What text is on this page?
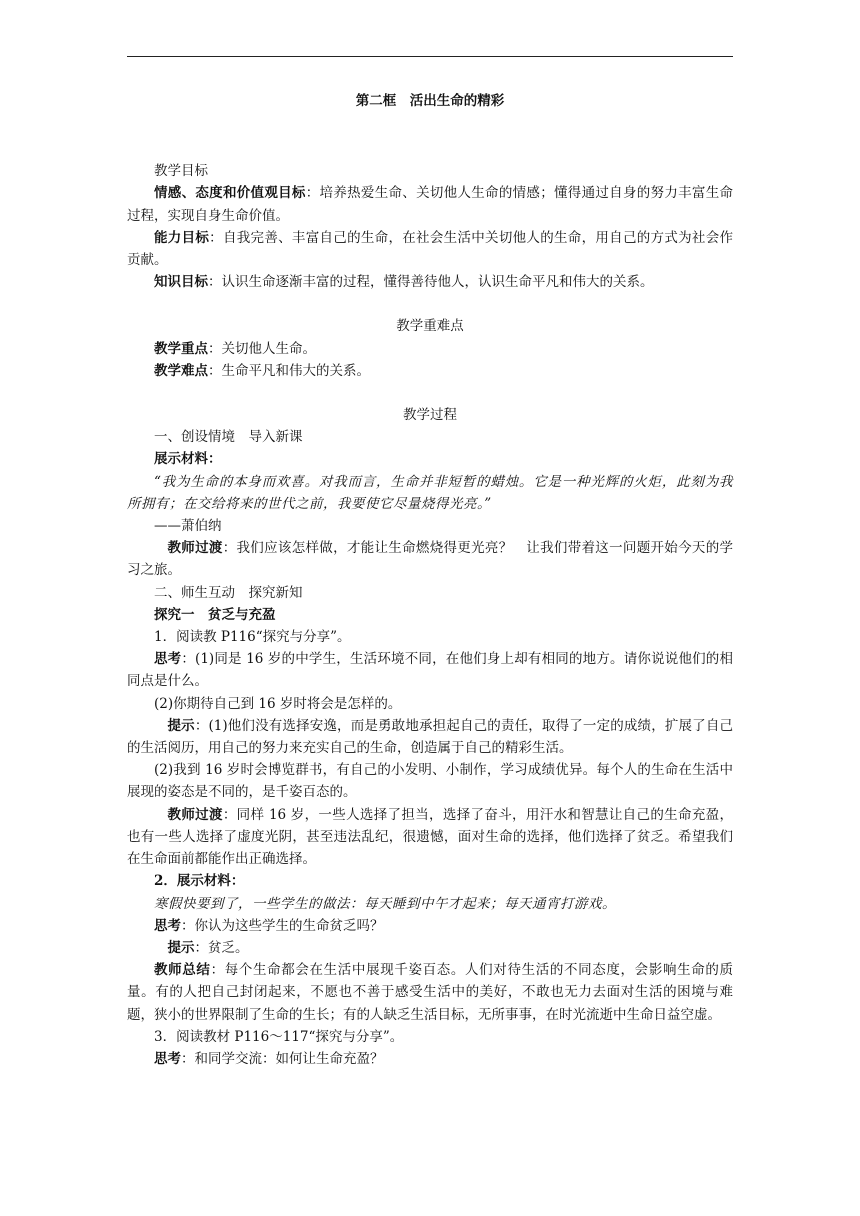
第二框　活出生命的精彩

教学目标

情感、态度和价值观目标：培养热爱生命、关切他人生命的情感；懂得通过自身的努力丰富生命过程，实现自身生命价值。

能力目标：自我完善、丰富自己的生命，在社会生活中关切他人的生命，用自己的方式为社会作贡献。

知识目标：认识生命逐渐丰富的过程，懂得善待他人，认识生命平凡和伟大的关系。

教学重难点

教学重点：关切他人生命。

教学难点：生命平凡和伟大的关系。

教学过程

一、创设情境　导入新课

展示材料：

“我为生命的本身而欢喜。对我而言，生命并非短暂的蜡烛。它是一种光辉的火炬，此刻为我所拥有；在交给将来的世代之前，我要使它尽量烧得光亮。”

——萧伯纳

教师过渡：我们应该怎样做，才能让生命燃烧得更光亮？　让我们带着这一问题开始今天的学习之旅。

二、师生互动　探究新知

探究一　贫乏与充盈

1．阅读教 P116“探究与分享”。

思考：(1)同是 16 岁的中学生，生活环境不同，在他们身上却有相同的地方。请你说说他们的相同点是什么。

(2)你期待自己到 16 岁时将会是怎样的。

提示：(1)他们没有选择安逸，而是勇敢地承担起自己的责任，取得了一定的成绩，扩展了自己的生活阅历，用自己的努力来充实自己的生命，创造属于自己的精彩生活。

(2)我到 16 岁时会博览群书，有自己的小发明、小制作，学习成绩优异。每个人的生命在生活中展现的姿态是不同的，是千姿百态的。

教师过渡：同样 16 岁，一些人选择了担当，选择了奋斗，用汗水和智慧让自己的生命充盈，也有一些人选择了虚度光阴，甚至违法乱纪，很遗憾，面对生命的选择，他们选择了贫乏。希望我们在生命面前都能作出正确选择。

2．展示材料：

寒假快要到了，一些学生的做法：每天睡到中午才起来；每天通宵打游戏。

思考：你认为这些学生的生命贫乏吗？

提示：贫乏。

教师总结：每个生命都会在生活中展现千姿百态。人们对待生活的不同态度，会影响生命的质量。有的人把自己封闭起来，不愿也不善于感受生活中的美好，不敢也无力去面对生活的困境与难题，狭小的世界限制了生命的生长；有的人缺乏生活目标，无所事事，在时光流逝中生命日益空虚。

3．阅读教材 P116～117“探究与分享”。

思考：和同学交流：如何让生命充盈？
